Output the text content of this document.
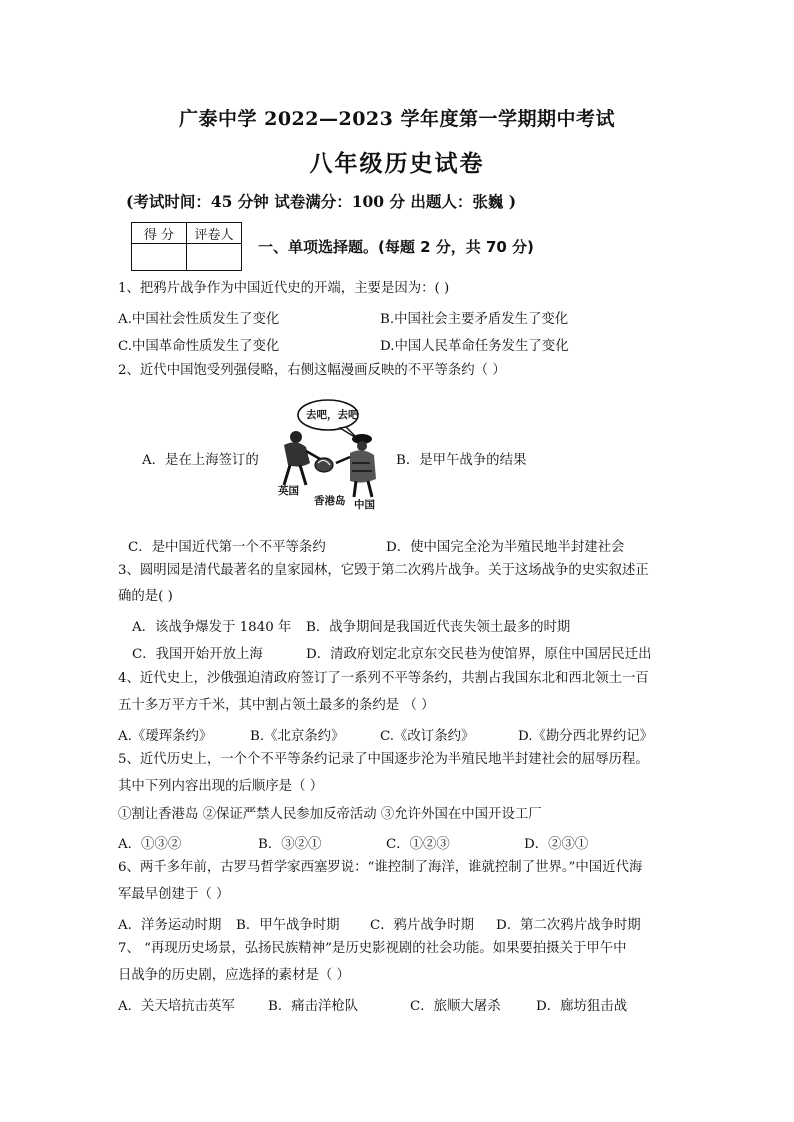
广泰中学 2022—2023 学年度第一学期期中考试
八年级历史试卷
(考试时间：45 分钟 试卷满分：100 分 出题人：张巍 )
得 分	评卷人

一、单项选择题。(每题 2 分，共 70 分)
1、把鸦片战争作为中国近代史的开端，主要是因为：( )
A.中国社会性质发生了变化	B.中国社会主要矛盾发生了变化
C.中国革命性质发生了变化	D.中国人民革命任务发生了变化
2、近代中国饱受列强侵略，右侧这幅漫画反映的不平等条约（ ）
A．是在上海签订的	B．是甲午战争的结果
去吧，去吧
英国
香港岛 中国
C．是中国近代第一个不平等条约	D．使中国完全沦为半殖民地半封建社会
3、圆明园是清代最著名的皇家园林，它毁于第二次鸦片战争。关于这场战争的史实叙述正
确的是( )
A．该战争爆发于 1840 年 B．战争期间是我国近代丧失领土最多的时期
C．我国开始开放上海	D．清政府划定北京东交民巷为使馆界，原住中国居民迁出
4、近代史上，沙俄强迫清政府签订了一系列不平等条约，共割占我国东北和西北领土一百
五十多万平方千米，其中割占领土最多的条约是 （ ）
A.《瑷珲条约》	B.《北京条约》	C.《改订条约》	D.《勘分西北界约记》
5、近代历史上，一个个不平等条约记录了中国逐步沦为半殖民地半封建社会的屈辱历程。
其中下列内容出现的后顺序是（ ）
①割让香港岛 ②保证严禁人民参加反帝活动 ③允许外国在中国开设工厂
A．①③②	B．③②①	C．①②③	D．②③①
6、两千多年前，古罗马哲学家西塞罗说：“谁控制了海洋，谁就控制了世界。”中国近代海
军最早创建于（ ）
A．洋务运动时期 B．甲午战争时期 C．鸦片战争时期 D．第二次鸦片战争时期
7、 “再现历史场景，弘扬民族精神”是历史影视剧的社会功能。如果要拍摄关于甲午中
日战争的历史剧，应选择的素材是（ ）
A．关天培抗击英军 B．痛击洋枪队	C．旅顺大屠杀	D．廊坊狙击战
